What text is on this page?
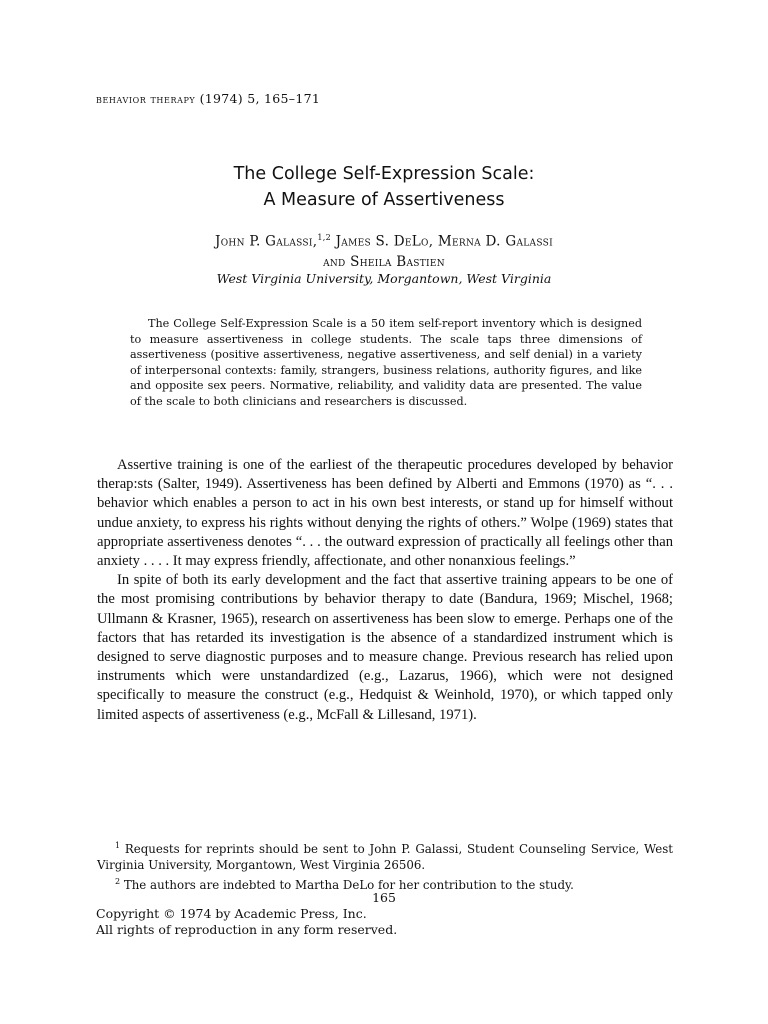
behavior therapy (1974) 5, 165–171
The College Self-Expression Scale:
A Measure of Assertiveness
John P. Galassi,$^{1,2}$ James S. DeLo, Merna D. Galassi
and Sheila Bastien
West Virginia University, Morgantown, West Virginia
The College Self-Expression Scale is a 50 item self-report inventory which is designed to measure assertiveness in college students. The scale taps three dimensions of assertiveness (positive assertiveness, negative assertiveness, and self denial) in a variety of interpersonal contexts: family, strangers, business relations, authority figures, and like and opposite sex peers. Normative, reliability, and validity data are presented. The value of the scale to both clinicians and researchers is discussed.

Assertive training is one of the earliest of the therapeutic procedures developed by behavior therap:sts (Salter, 1949). Assertiveness has been defined by Alberti and Emmons (1970) as “. . . behavior which enables a person to act in his own best interests, or stand up for himself without undue anxiety, to express his rights without denying the rights of others.” Wolpe (1969) states that appropriate assertiveness denotes “. . . the outward expression of practically all feelings other than anxiety . . . . It may express friendly, affectionate, and other nonanxious feelings.”

In spite of both its early development and the fact that assertive training appears to be one of the most promising contributions by behavior therapy to date (Bandura, 1969; Mischel, 1968; Ullmann & Krasner, 1965), research on assertiveness has been slow to emerge. Perhaps one of the factors that has retarded its investigation is the absence of a standardized instrument which is designed to serve diagnostic purposes and to measure change. Previous research has relied upon instruments which were unstandardized (e.g., Lazarus, 1966), which were not designed specifically to measure the construct (e.g., Hedquist & Weinhold, 1970), or which tapped only limited aspects of assertiveness (e.g., McFall & Lillesand, 1971).

$^1$ Requests for reprints should be sent to John P. Galassi, Student Counseling Service, West Virginia University, Morgantown, West Virginia 26506.

$^2$ The authors are indebted to Martha DeLo for her contribution to the study.

165
Copyright © 1974 by Academic Press, Inc.
All rights of reproduction in any form reserved.
